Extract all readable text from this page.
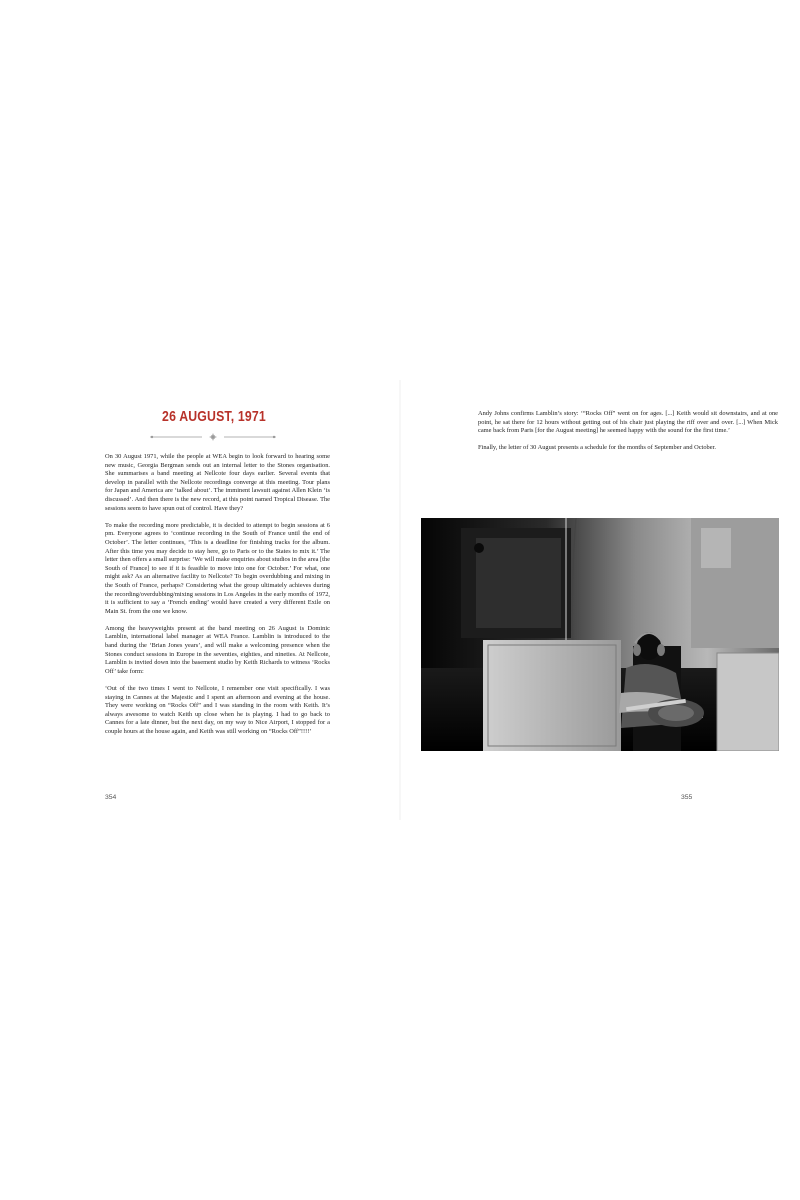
26 AUGUST, 1971

On 30 August 1971, while the people at WEA begin to look forward to hearing some new music, Georgia Bergman sends out an internal letter to the Stones organisation. She summarises a band meeting at Nellcote four days earlier. Several events that develop in parallel with the Nellcote recordings converge at this meeting. Tour plans for Japan and America are ‘talked about’. The imminent lawsuit against Allen Klein ‘is discussed’. And then there is the new record, at this point named Tropical Disease. The sessions seem to have spun out of control. Have they?

To make the recording more predictable, it is decided to attempt to begin sessions at 6 pm. Everyone agrees to ‘continue recording in the South of France until the end of October’. The letter continues, ‘This is a deadline for finishing tracks for the album. After this time you may decide to stay here, go to Paris or to the States to mix it.’ The letter then offers a small surprise: ‘We will make enquiries about studios in the area [the South of France] to see if it is feasible to move into one for October.’ For what, one might ask? As an alternative facility to Nellcote? To begin overdubbing and mixing in the South of France, perhaps? Considering what the group ultimately achieves during the recording/overdubbing/mixing sessions in Los Angeles in the early months of 1972, it is sufficient to say a ‘French ending’ would have created a very different Exile on Main St. from the one we know.

Among the heavyweights present at the band meeting on 26 August is Dominic Lamblin, international label manager at WEA France. Lamblin is introduced to the band during the ‘Brian Jones years’, and will make a welcoming presence when the Stones conduct sessions in Europe in the seventies, eighties, and nineties. At Nellcote, Lamblin is invited down into the basement studio by Keith Richards to witness ‘Rocks Off’ take form:

‘Out of the two times I went to Nellcote, I remember one visit specifically. I was staying in Cannes at the Majestic and I spent an afternoon and evening at the house. They were working on “Rocks Off” and I was standing in the room with Keith. It’s always awesome to watch Keith up close when he is playing. I had to go back to Cannes for a late dinner, but the next day, on my way to Nice Airport, I stopped for a couple hours at the house again, and Keith was still working on “Rocks Off”!!!!’

354

Andy Johns confirms Lamblin’s story: ‘“Rocks Off” went on for ages. [...] Keith would sit downstairs, and at one point, he sat there for 12 hours without getting out of his chair just playing the riff over and over. [...] When Mick came back from Paris [for the August meeting] he seemed happy with the sound for the first time.’

Finally, the letter of 30 August presents a schedule for the months of September and October.

355
